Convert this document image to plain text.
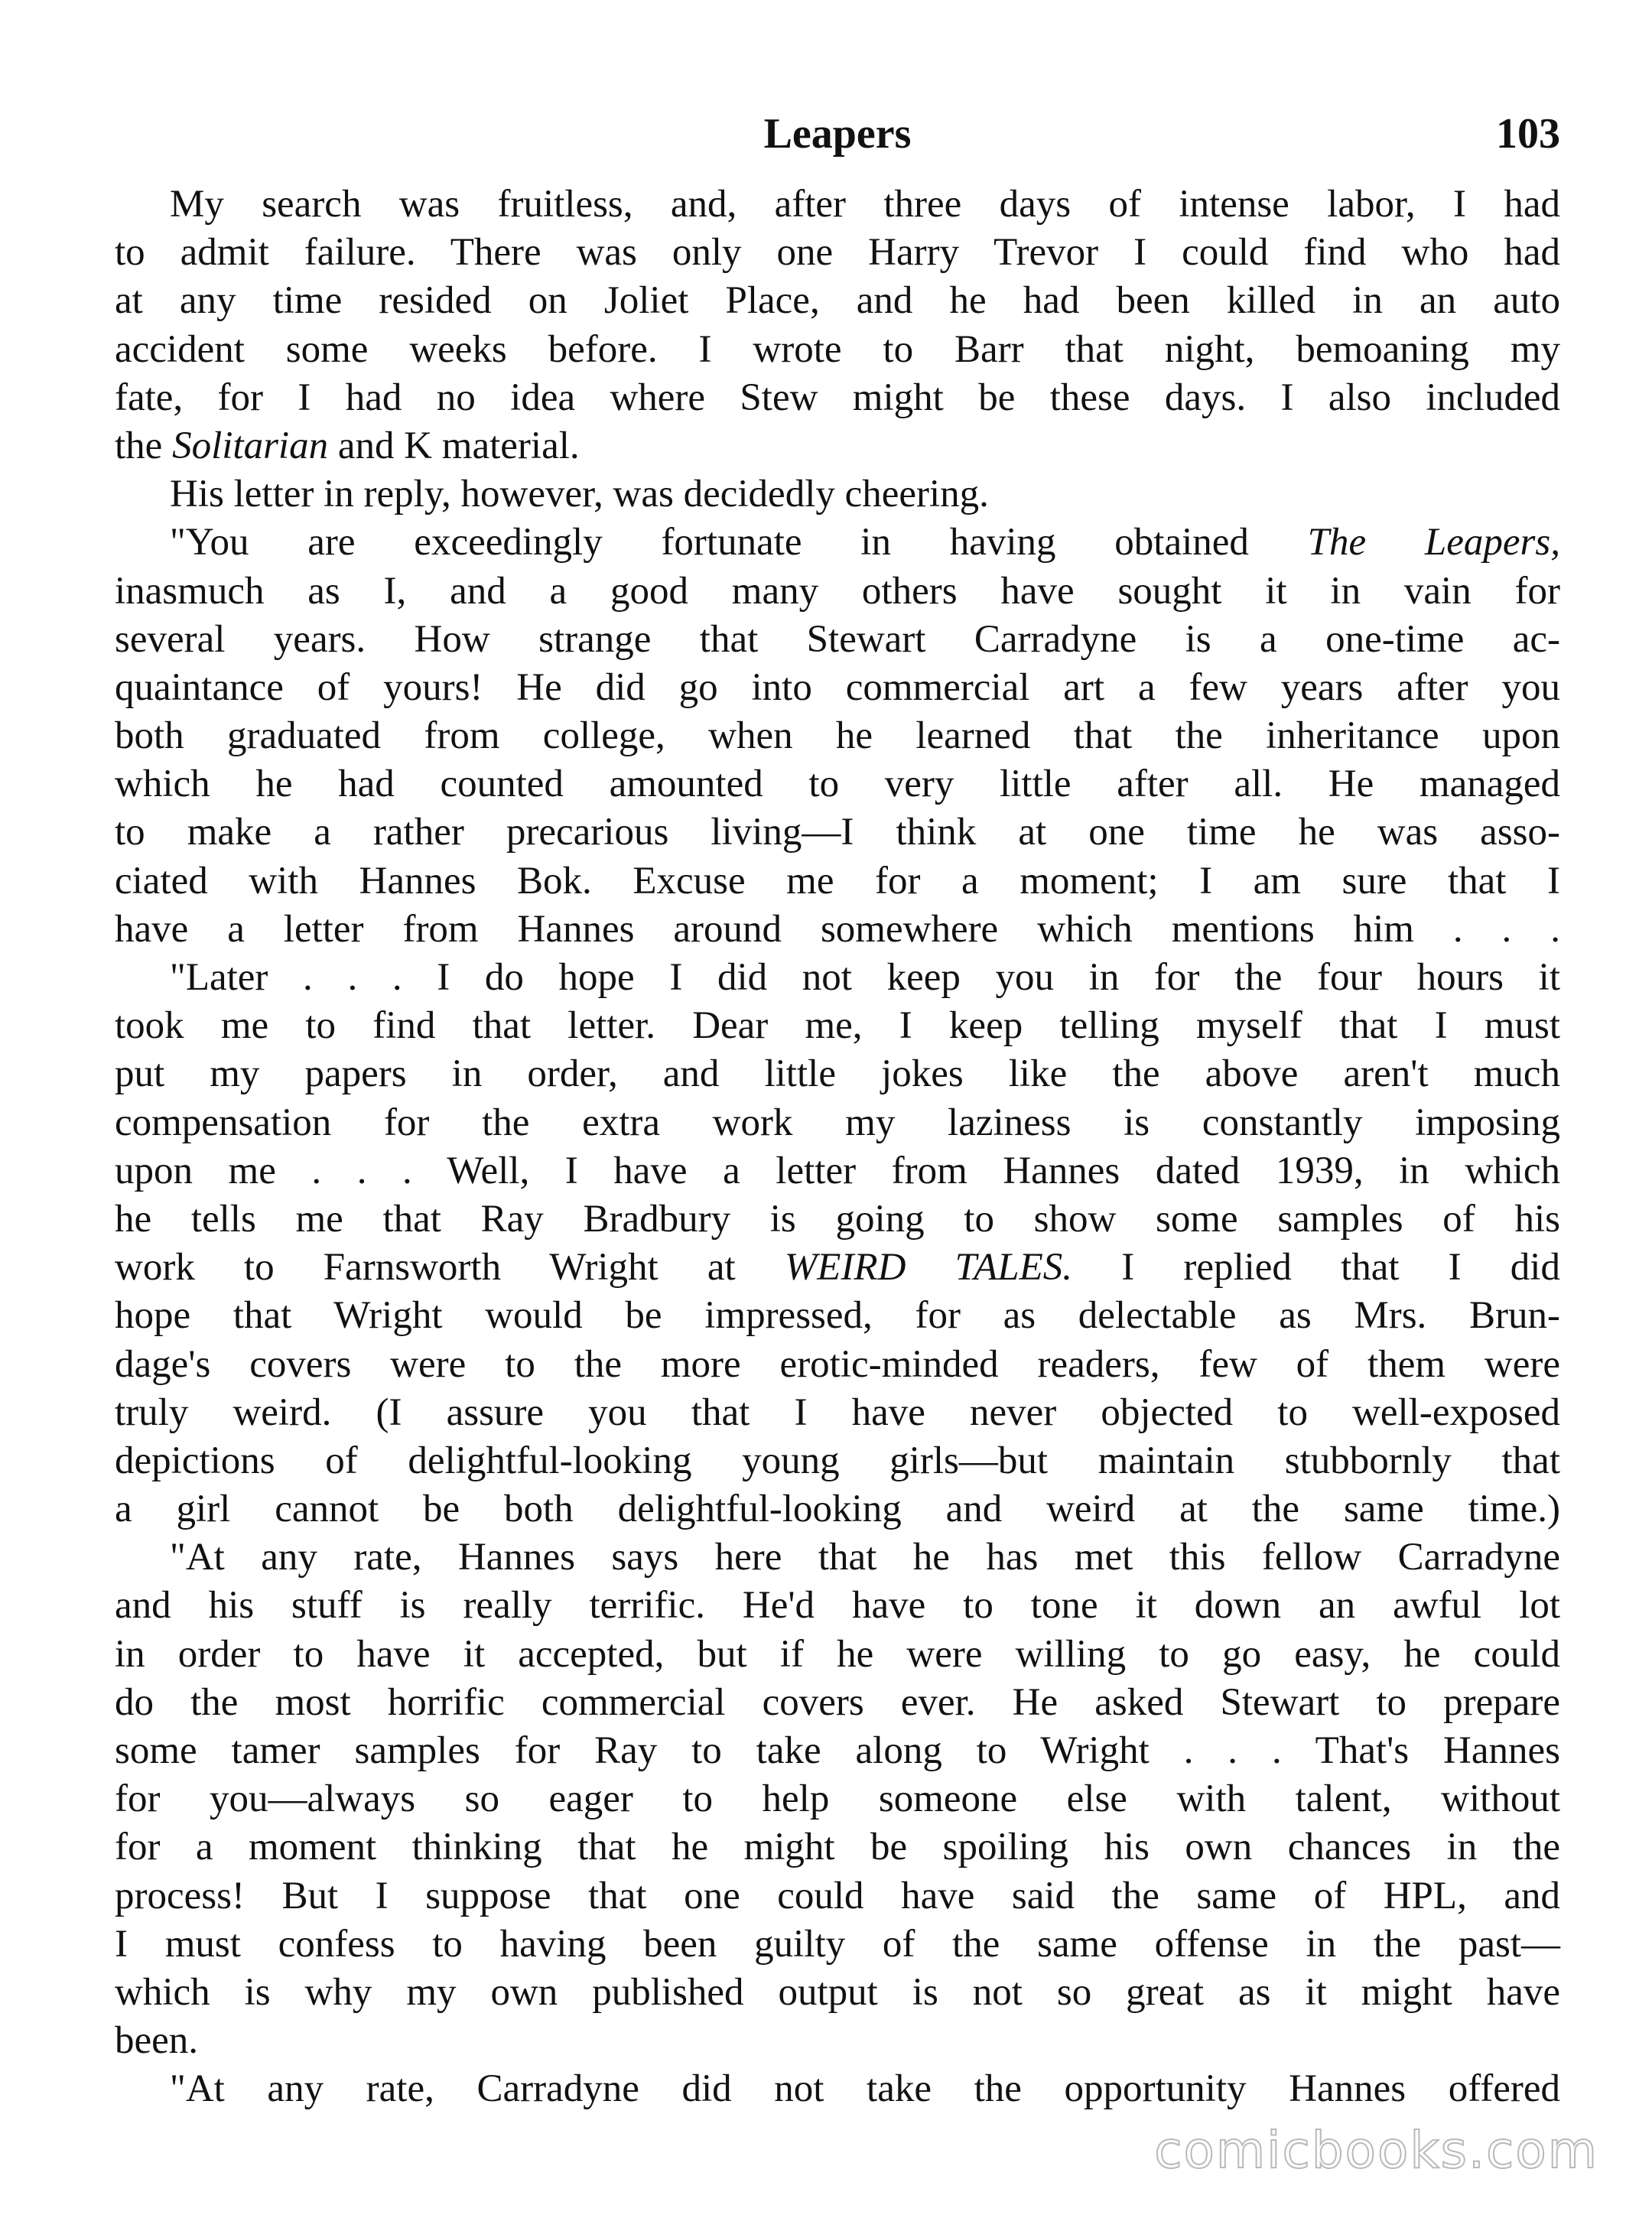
Leapers	103
My search was fruitless, and, after three days of intense labor, I had
to admit failure. There was only one Harry Trevor I could find who had
at any time resided on Joliet Place, and he had been killed in an auto
accident some weeks before. I wrote to Barr that night, bemoaning my
fate, for I had no idea where Stew might be these days. I also included
the Solitarian and K material.
His letter in reply, however, was decidedly cheering.
"You are exceedingly fortunate in having obtained The Leapers,
inasmuch as I, and a good many others have sought it in vain for
several years. How strange that Stewart Carradyne is a one-time ac-
quaintance of yours! He did go into commercial art a few years after you
both graduated from college, when he learned that the inheritance upon
which he had counted amounted to very little after all. He managed
to make a rather precarious living—I think at one time he was asso-
ciated with Hannes Bok. Excuse me for a moment; I am sure that I
have a letter from Hannes around somewhere which mentions him . . .
"Later . . . I do hope I did not keep you in for the four hours it
took me to find that letter. Dear me, I keep telling myself that I must
put my papers in order, and little jokes like the above aren't much
compensation for the extra work my laziness is constantly imposing
upon me . . . Well, I have a letter from Hannes dated 1939, in which
he tells me that Ray Bradbury is going to show some samples of his
work to Farnsworth Wright at WEIRD TALES. I replied that I did
hope that Wright would be impressed, for as delectable as Mrs. Brun-
dage's covers were to the more erotic-minded readers, few of them were
truly weird. (I assure you that I have never objected to well-exposed
depictions of delightful-looking young girls—but maintain stubbornly that
a girl cannot be both delightful-looking and weird at the same time.)
"At any rate, Hannes says here that he has met this fellow Carradyne
and his stuff is really terrific. He'd have to tone it down an awful lot
in order to have it accepted, but if he were willing to go easy, he could
do the most horrific commercial covers ever. He asked Stewart to prepare
some tamer samples for Ray to take along to Wright . . . That's Hannes
for you—always so eager to help someone else with talent, without
for a moment thinking that he might be spoiling his own chances in the
process! But I suppose that one could have said the same of HPL, and
I must confess to having been guilty of the same offense in the past—
which is why my own published output is not so great as it might have
been.
"At any rate, Carradyne did not take the opportunity Hannes offered
comicbooks.com
